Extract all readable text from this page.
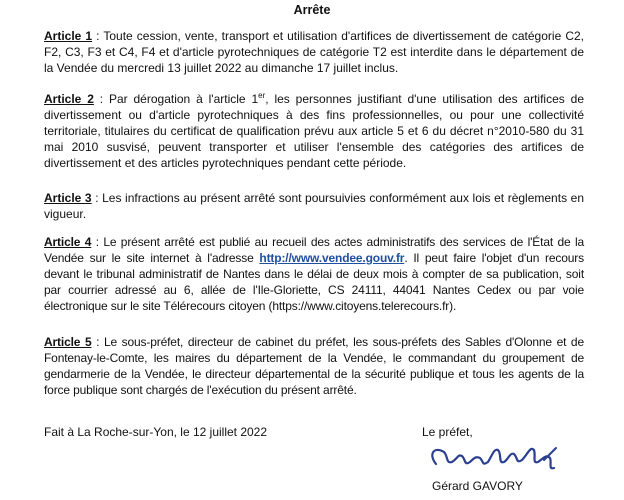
Arrête

Article 1 : Toute cession, vente, transport et utilisation d'artifices de divertissement de catégorie C2, F2, C3, F3 et C4, F4 et d'article pyrotechniques de catégorie T2 est interdite dans le département de la Vendée du mercredi 13 juillet 2022 au dimanche 17 juillet inclus.

Article 2 : Par dérogation à l'article 1er, les personnes justifiant d'une utilisation des artifices de divertissement ou d'article pyrotechniques à des fins professionnelles, ou pour une collectivité territoriale, titulaires du certificat de qualification prévu aux article 5 et 6 du décret n°2010-580 du 31 mai 2010 susvisé, peuvent transporter et utiliser l'ensemble des catégories des artifices de divertissement et des articles pyrotechniques pendant cette période.

Article 3 : Les infractions au présent arrêté sont poursuivies conformément aux lois et règlements en vigueur.

Article 4 : Le présent arrêté est publié au recueil des actes administratifs des services de l'État de la Vendée sur le site internet à l'adresse http://www.vendee.gouv.fr. Il peut faire l'objet d'un recours devant le tribunal administratif de Nantes dans le délai de deux mois à compter de sa publication, soit par courrier adressé au 6, allée de l'Ile-Gloriette, CS 24111, 44041 Nantes Cedex ou par voie électronique sur le site Télérecours citoyen (https://www.citoyens.telerecours.fr).

Article 5 : Le sous-préfet, directeur de cabinet du préfet, les sous-préfets des Sables d'Olonne et de Fontenay-le-Comte, les maires du département de la Vendée, le commandant du groupement de gendarmerie de la Vendée, le directeur départemental de la sécurité publique et tous les agents de la force publique sont chargés de l'exécution du présent arrêté.

Fait à La Roche-sur-Yon, le 12 juillet 2022	Le préfet,
Gérard GAVORY
